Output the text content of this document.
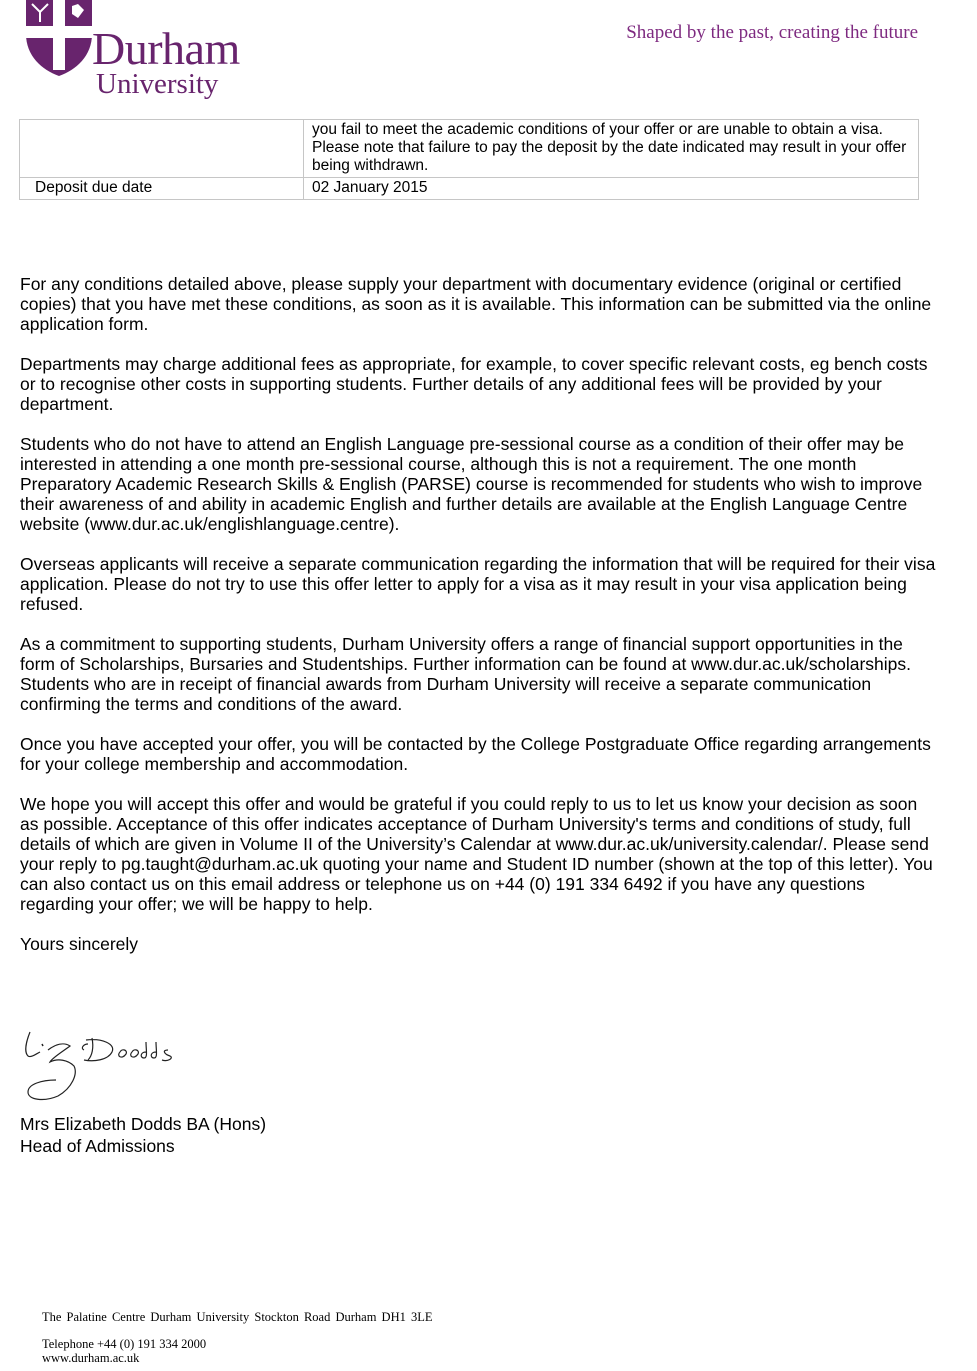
Durham
University
Shaped by the past, creating the future
	you fail to meet the academic conditions of your offer or are unable to obtain a visa. Please note that failure to pay the deposit by the date indicated may result in your offer being withdrawn.
Deposit due date	02 January 2015

For any conditions detailed above, please supply your department with documentary evidence (original or certified copies) that you have met these conditions, as soon as it is available. This information can be submitted via the online application form.

Departments may charge additional fees as appropriate, for example, to cover specific relevant costs, eg bench costs or to recognise other costs in supporting students. Further details of any additional fees will be provided by your department.

Students who do not have to attend an English Language pre-sessional course as a condition of their offer may be interested in attending a one month pre-sessional course, although this is not a requirement. The one month Preparatory Academic Research Skills & English (PARSE) course is recommended for students who wish to improve their awareness of and ability in academic English and further details are available at the English Language Centre website (www.dur.ac.uk/englishlanguage.centre).

Overseas applicants will receive a separate communication regarding the information that will be required for their visa application. Please do not try to use this offer letter to apply for a visa as it may result in your visa application being refused.

As a commitment to supporting students, Durham University offers a range of financial support opportunities in the form of Scholarships, Bursaries and Studentships. Further information can be found at www.dur.ac.uk/scholarships. Students who are in receipt of financial awards from Durham University will receive a separate communication confirming the terms and conditions of the award.

Once you have accepted your offer, you will be contacted by the College Postgraduate Office regarding arrangements for your college membership and accommodation.

We hope you will accept this offer and would be grateful if you could reply to us to let us know your decision as soon as possible. Acceptance of this offer indicates acceptance of Durham University's terms and conditions of study, full details of which are given in Volume II of the University’s Calendar at www.dur.ac.uk/university.calendar/. Please send your reply to pg.taught@durham.ac.uk quoting your name and Student ID number (shown at the top of this letter). You can also contact us on this email address or telephone us on +44 (0) 191 334 6492 if you have any questions regarding your offer; we will be happy to help.

Yours sincerely

Mrs Elizabeth Dodds BA (Hons)
Head of Admissions
The Palatine Centre Durham University Stockton Road Durham DH1 3LE
Telephone +44 (0) 191 334 2000
www.durham.ac.uk
